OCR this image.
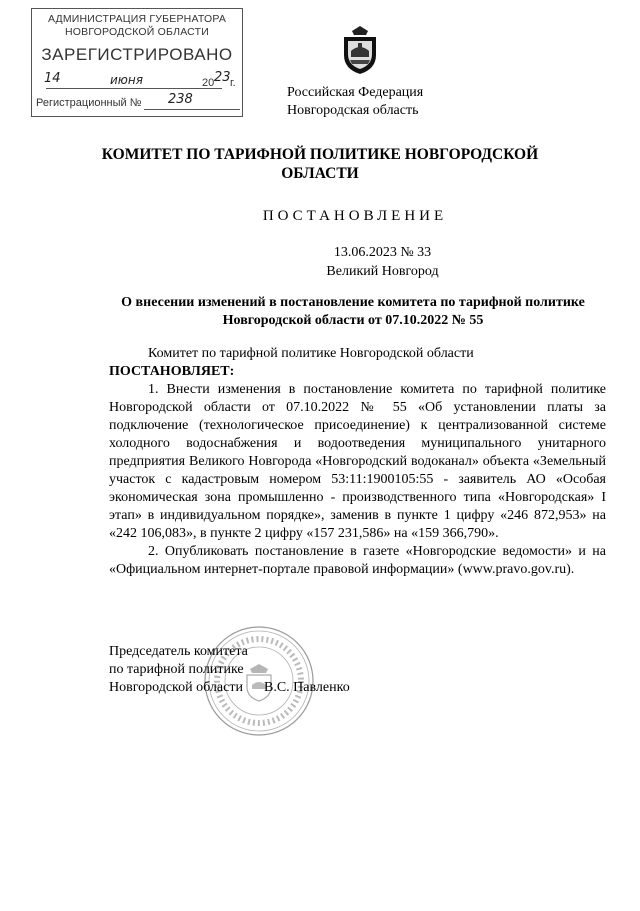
АДМИНИСТРАЦИЯ ГУБЕРНАТОРА
НОВГОРОДСКОЙ ОБЛАСТИ
ЗАРЕГИСТРИРОВАНО
14	июня	20 23 г.
Регистрационный № 238	Российская Федерация
Новгородская область
КОМИТЕТ ПО ТАРИФНОЙ ПОЛИТИКЕ НОВГОРОДСКОЙ
ОБЛАСТИ
ПОСТАНОВЛЕНИЕ
13.06.2023 № 33
Великий Новгород
О внесении изменений в постановление комитета по тарифной политике
Новгородской области от 07.10.2022 № 55

Комитет по тарифной политике Новгородской области

ПОСТАНОВЛЯЕТ:

1. Внести изменения в постановление комитета по тарифной политике Новгородской области от 07.10.2022 № 55 «Об установлении платы за подключение (технологическое присоединение) к централизованной системе холодного водоснабжения и водоотведения муниципального унитарного предприятия Великого Новгорода «Новгородский водоканал» объекта «Земельный участок с кадастровым номером 53:11:1900105:55 - заявитель АО «Особая экономическая зона промышленно - производственного типа «Новгородская» I этап» в индивидуальном порядке», заменив в пункте 1 цифру «246 872,953» на «242 106,083», в пункте 2 цифру «157 231,586» на «159 366,790».

2. Опубликовать постановление в газете «Новгородские ведомости» и на «Официальном интернет-портале правовой информации» (www.pravo.gov.ru).

Председатель комитета
по тарифной политике
Новгородской области	В.С. Павленко
